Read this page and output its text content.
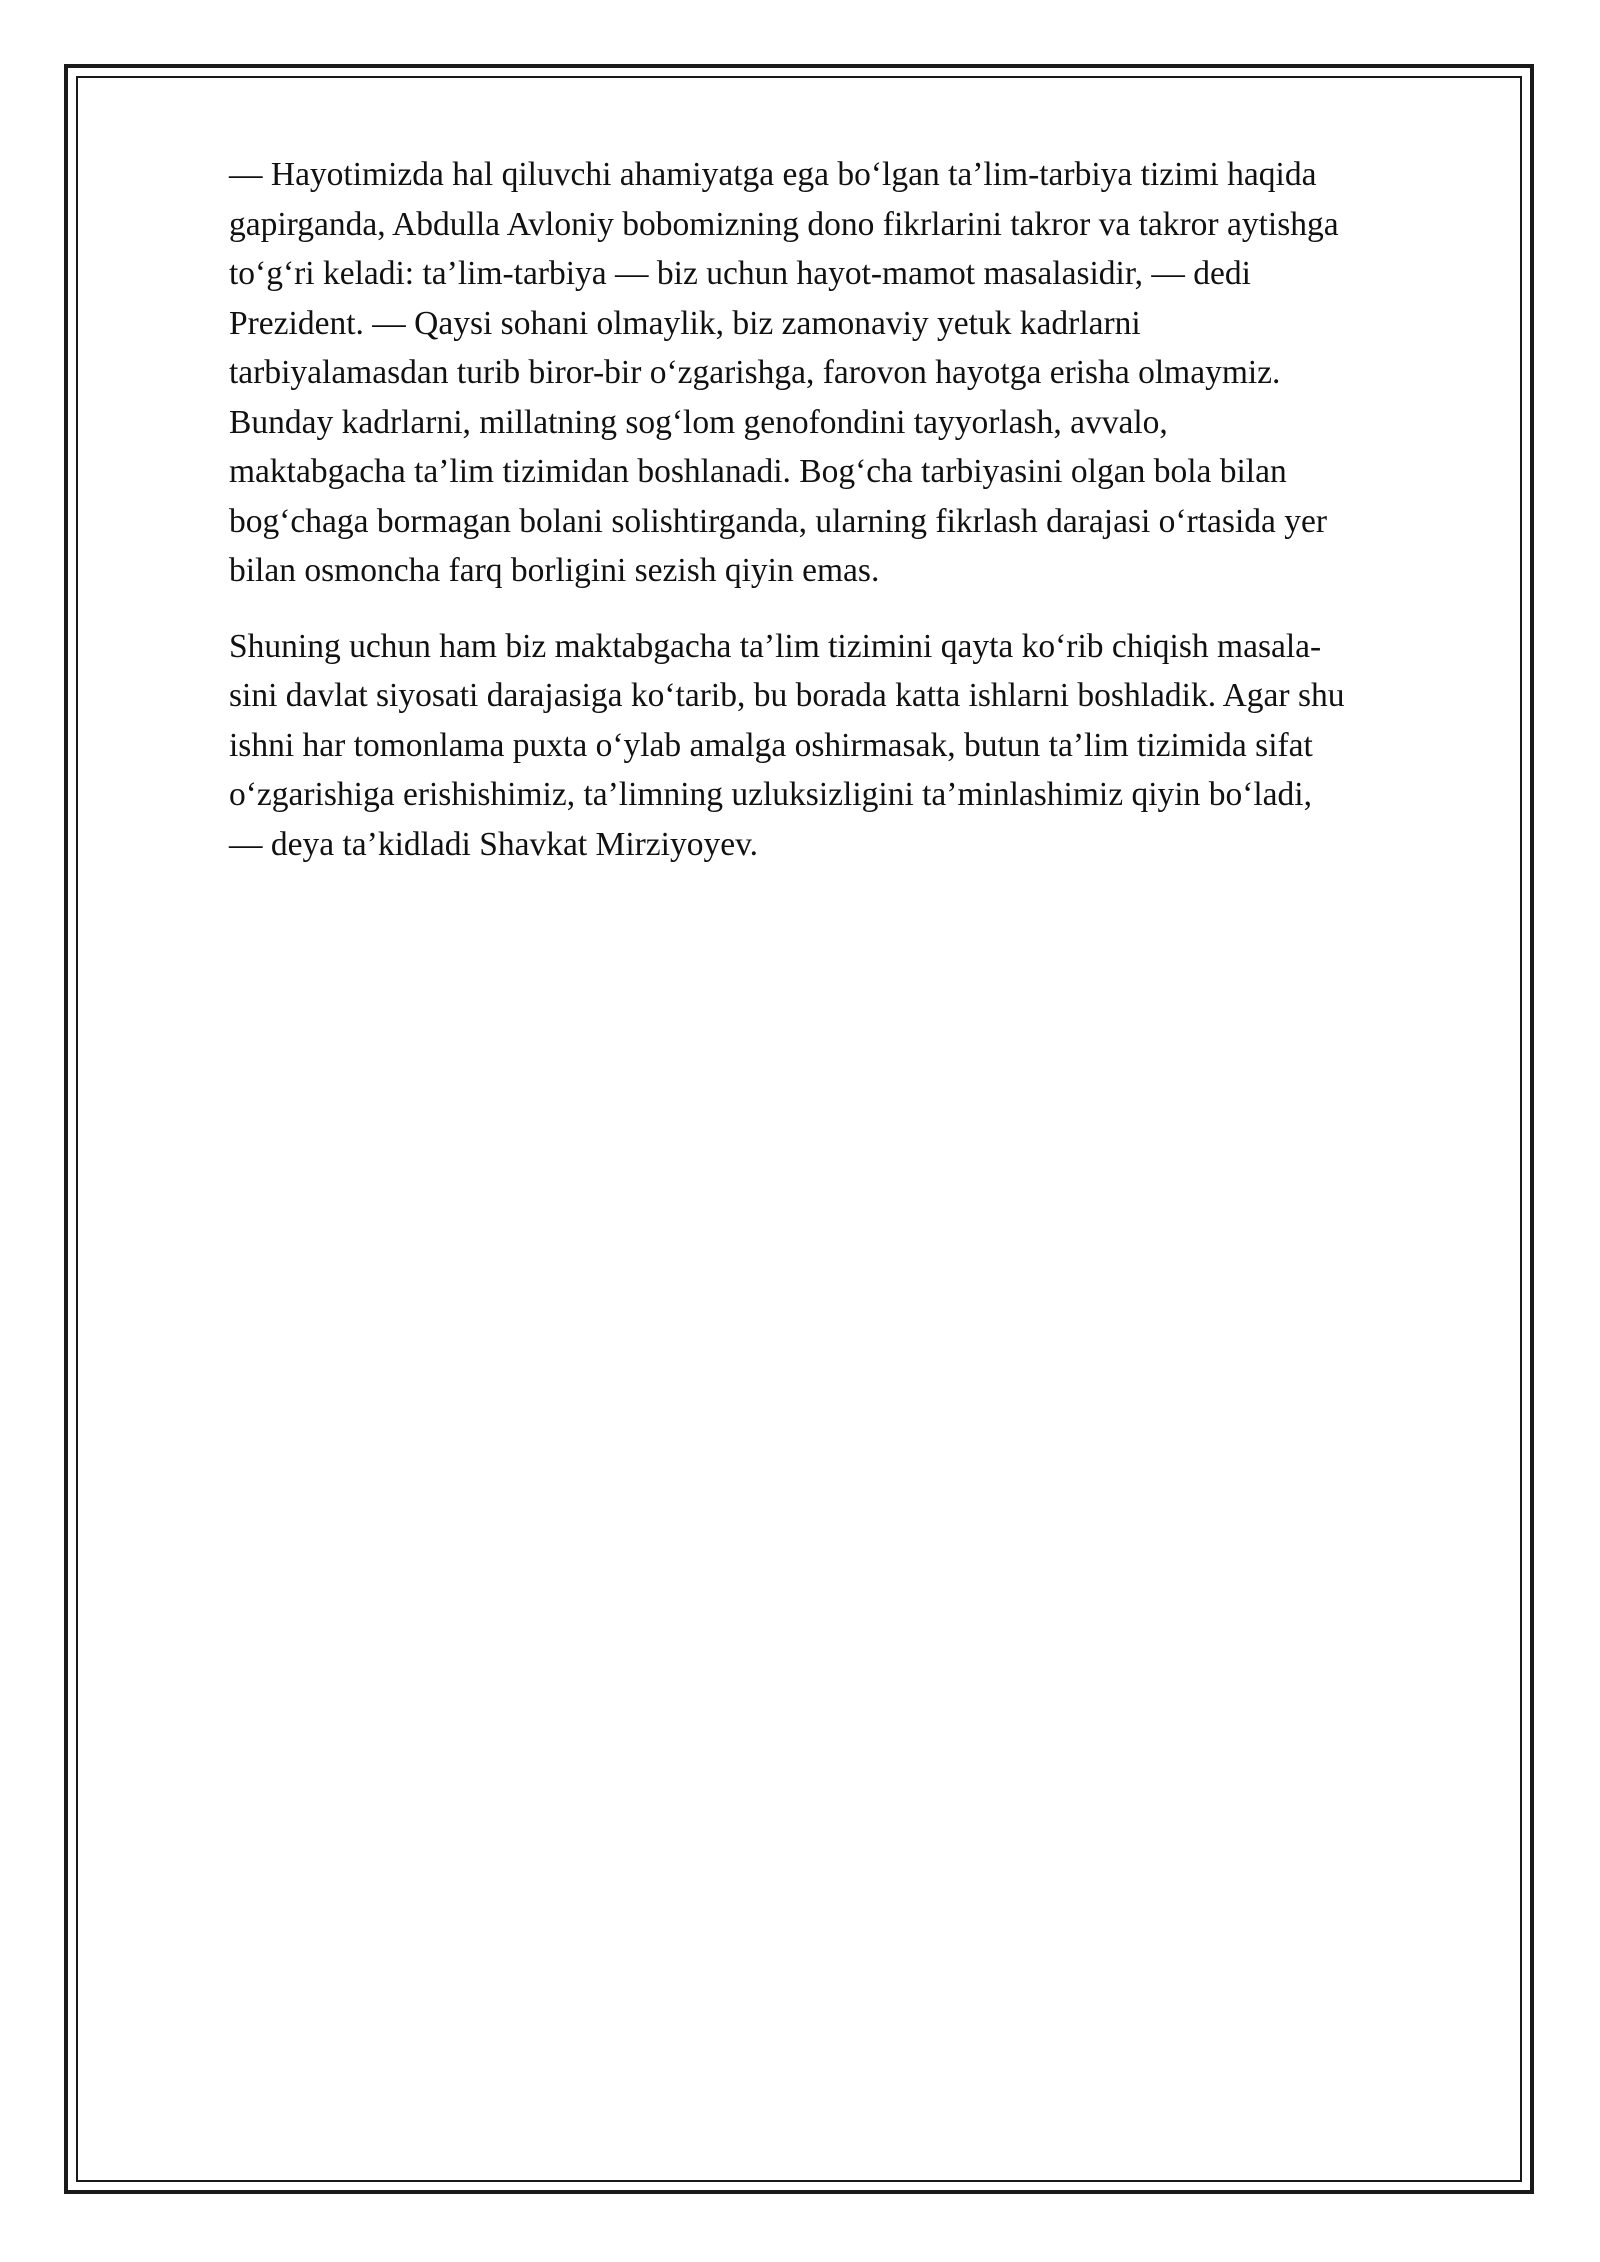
— Hayotimizda hal qiluvchi ahamiyatga ega bo‘lgan ta’lim-tarbiya tizimi haqida
gapirganda, Abdulla Avloniy bobomizning dono fikrlarini takror va takror aytishga
to‘g‘ri keladi: ta’lim-tarbiya — biz uchun hayot-mamot masalasidir, — dedi
Prezident. — Qaysi sohani olmaylik, biz zamonaviy yetuk kadrlarni
tarbiyalamasdan turib biror-bir o‘zgarishga, farovon hayotga erisha olmaymiz.
Bunday kadrlarni, millatning sog‘lom genofondini tayyorlash, avvalo,
maktabgacha ta’lim tizimidan boshlanadi. Bog‘cha tarbiyasini olgan bola bilan
bog‘chaga bormagan bolani solishtirganda, ularning fikrlash darajasi o‘rtasida yer
bilan osmoncha farq borligini sezish qiyin emas.

Shuning uchun ham biz maktabgacha ta’lim tizimini qayta ko‘rib chiqish masala-
sini davlat siyosati darajasiga ko‘tarib, bu borada katta ishlarni boshladik. Agar shu
ishni har tomonlama puxta o‘ylab amalga oshirmasak, butun ta’lim tizimida sifat
o‘zgarishiga erishishimiz, ta’limning uzluksizligini ta’minlashimiz qiyin bo‘ladi,
— deya ta’kidladi Shavkat Mirziyoyev.
